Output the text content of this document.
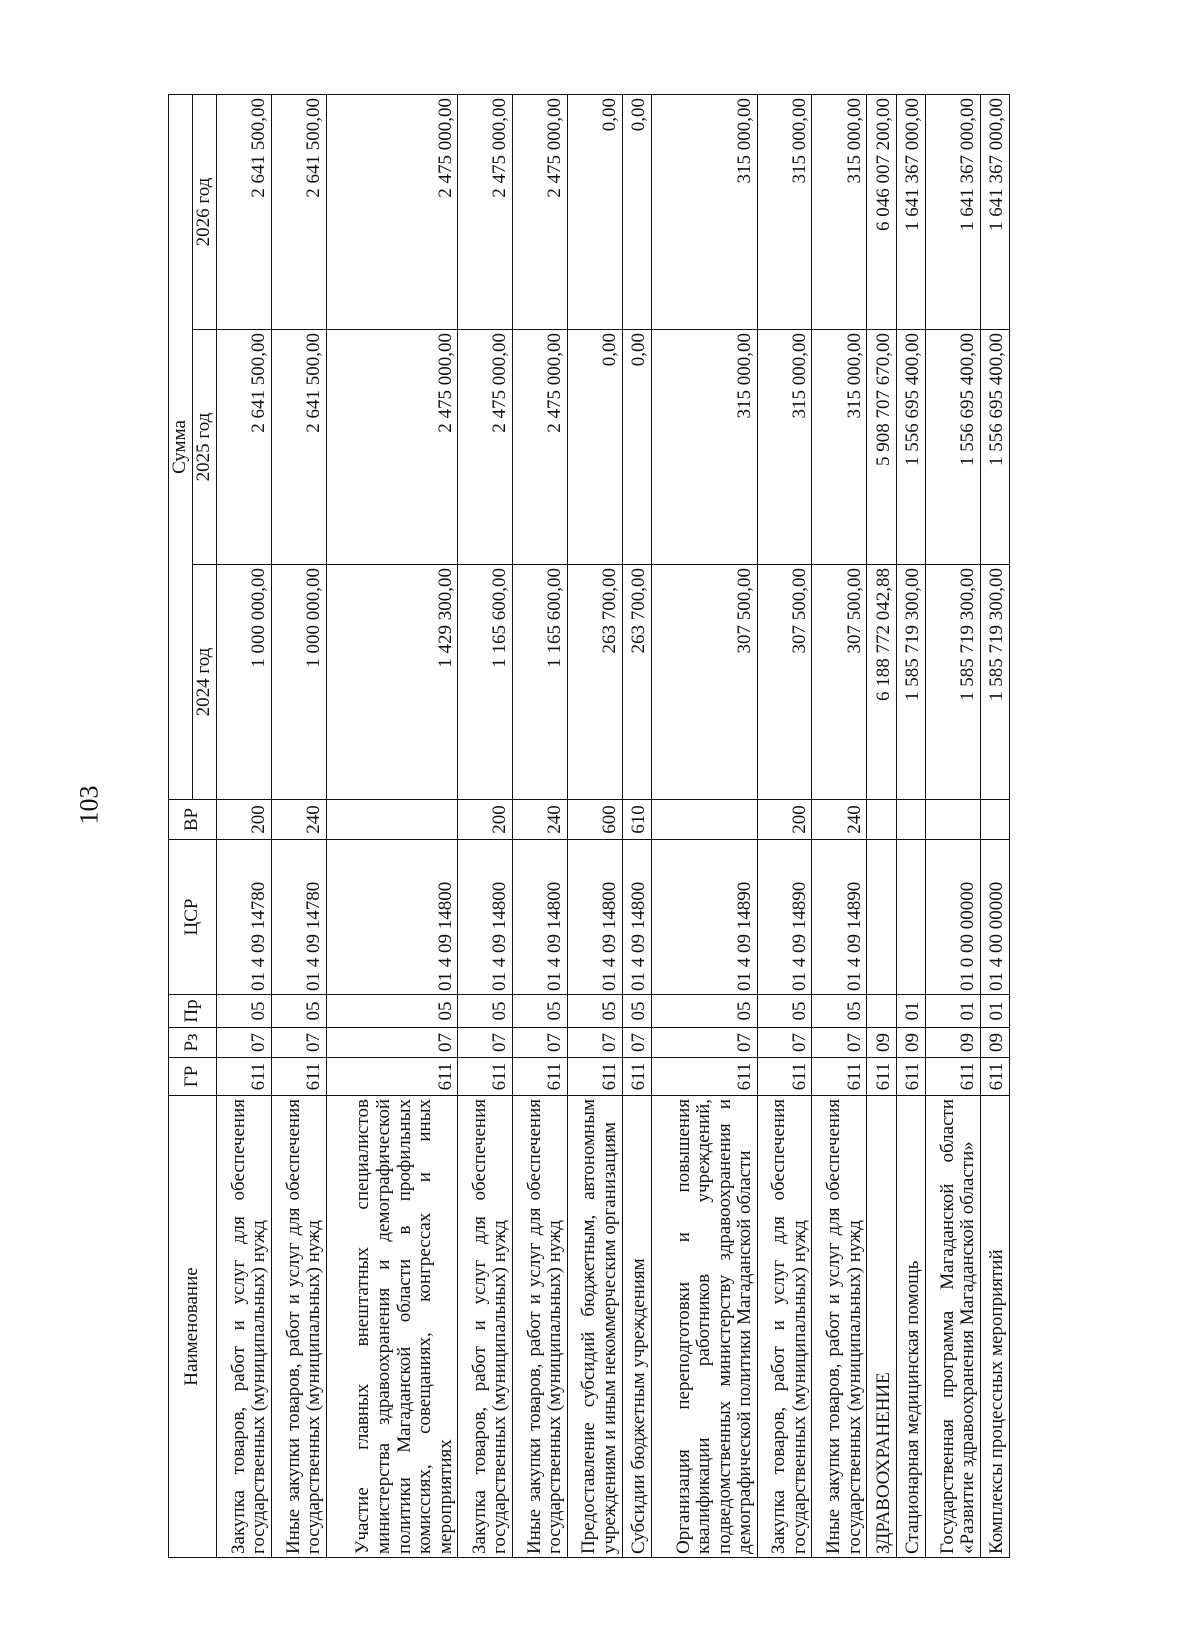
103
Наименование	ГР	Рз	Пр	ЦСР	ВР	Сумма		
						2024 год	2025 год	2026 год
Закупка товаров, работ и услуг для обеспечения государственных (муниципальных) нужд	611	07	05	01 4 09 14780	200	1 000 000,00	2 641 500,00	2 641 500,00
Иные закупки товаров, работ и услуг для обеспечения государственных (муниципальных) нужд	611	07	05	01 4 09 14780	240	1 000 000,00	2 641 500,00	2 641 500,00
Участие главных внештатных специалистов министерства здравоохранения и демографической политики Магаданской области в профильных комиссиях, совещаниях, конгрессах и иных мероприятиях	611	07	05	01 4 09 14800		1 429 300,00	2 475 000,00	2 475 000,00
Закупка товаров, работ и услуг для обеспечения государственных (муниципальных) нужд	611	07	05	01 4 09 14800	200	1 165 600,00	2 475 000,00	2 475 000,00
Иные закупки товаров, работ и услуг для обеспечения государственных (муниципальных) нужд	611	07	05	01 4 09 14800	240	1 165 600,00	2 475 000,00	2 475 000,00
Предоставление субсидий бюджетным, автономным учреждениям и иным некоммерческим организациям	611	07	05	01 4 09 14800	600	263 700,00	0,00	0,00
Субсидии бюджетным учреждениям	611	07	05	01 4 09 14800	610	263 700,00	0,00	0,00
Организация переподготовки и повышения квалификации работников учреждений, подведомственных министерству здравоохранения и демографической политики Магаданской области	611	07	05	01 4 09 14890		307 500,00	315 000,00	315 000,00
Закупка товаров, работ и услуг для обеспечения государственных (муниципальных) нужд	611	07	05	01 4 09 14890	200	307 500,00	315 000,00	315 000,00
Иные закупки товаров, работ и услуг для обеспечения государственных (муниципальных) нужд	611	07	05	01 4 09 14890	240	307 500,00	315 000,00	315 000,00
ЗДРАВООХРАНЕНИЕ	611	09				6 188 772 042,88	5 908 707 670,00	6 046 007 200,00
Стационарная медицинская помощь	611	09	01			1 585 719 300,00	1 556 695 400,00	1 641 367 000,00
Государственная программа Магаданской области «Развитие здравоохранения Магаданской области»	611	09	01	01 0 00 00000		1 585 719 300,00	1 556 695 400,00	1 641 367 000,00
Комплексы процессных мероприятий	611	09	01	01 4 00 00000		1 585 719 300,00	1 556 695 400,00	1 641 367 000,00
